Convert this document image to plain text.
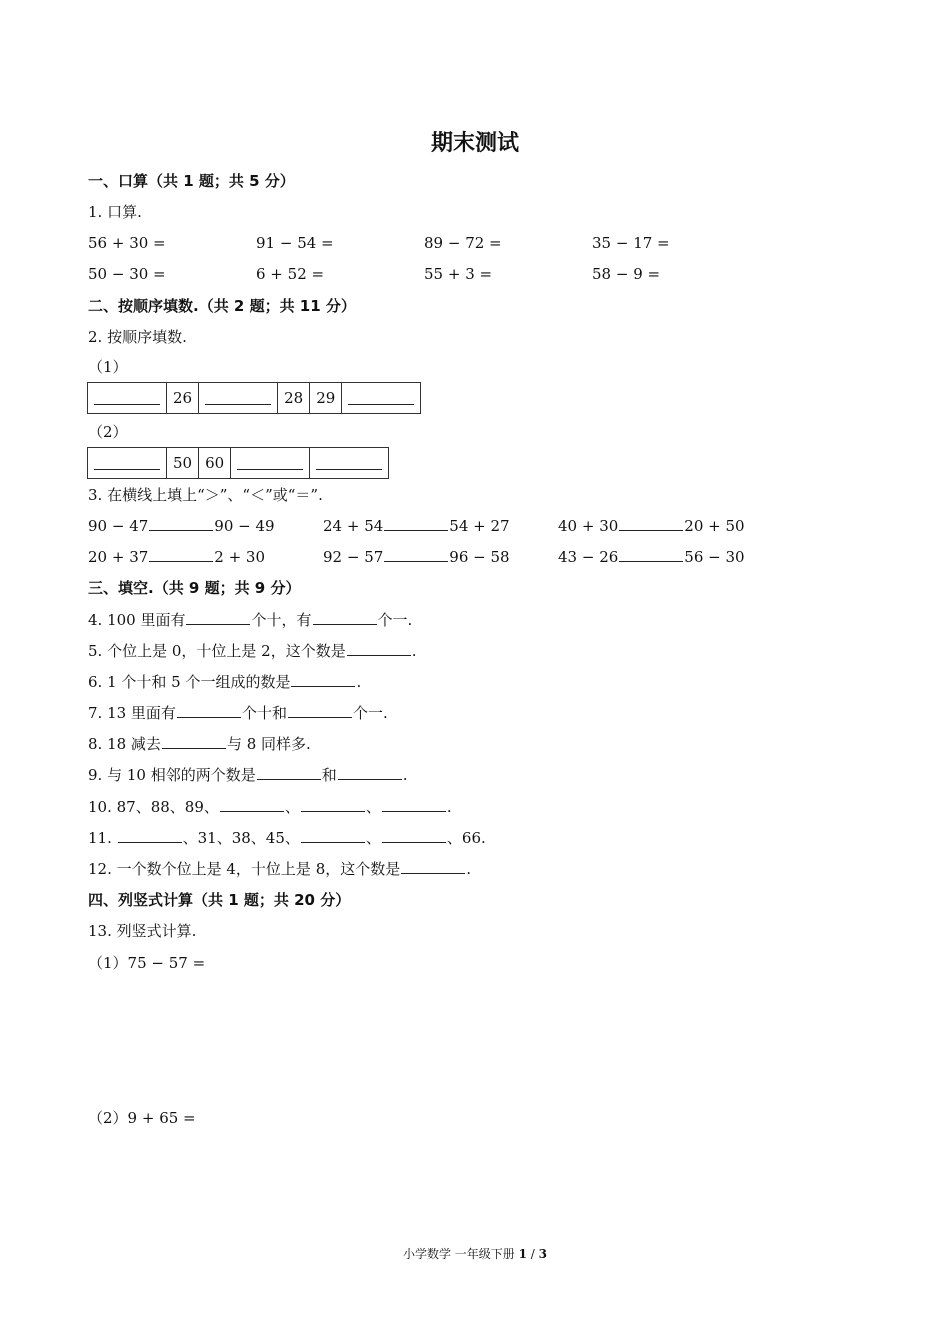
期末测试
一、口算（共 1 题；共 5 分）
1. 口算.
56 + 30 =	91 − 54 =	89 − 72 =	35 − 17 =
50 − 30 =	6 + 52 =	55 + 3 =	58 − 9 =
二、按顺序填数.（共 2 题；共 11 分）
2. 按顺序填数.
（1）
	26		28	29	
（2）
	50	60		
3. 在横线上填上“＞”、“＜”或“＝”.
90 − 47	90 − 49	24 + 54	54 + 27	40 + 30	20 + 50
20 + 37	2 + 30	92 − 57	96 − 58	43 − 26	56 − 30
三、填空.（共 9 题；共 9 分）
4. 100 里面有	个十，有	个一.
5. 个位上是 0，十位上是 2，这个数是	.
6. 1 个十和 5 个一组成的数是	.
7. 13 里面有	个十和	个一.
8. 18 减去	与 8 同样多.
9. 与 10 相邻的两个数是	和	.
10. 87、88、89、	、	、	.
11.	、31、38、45、	、	、66.
12. 一个数个位上是 4，十位上是 8，这个数是	.
四、列竖式计算（共 1 题；共 20 分）
13. 列竖式计算.
（1）75 − 57 =
（2）9 + 65 =
小学数学 一年级下册 1 / 3
